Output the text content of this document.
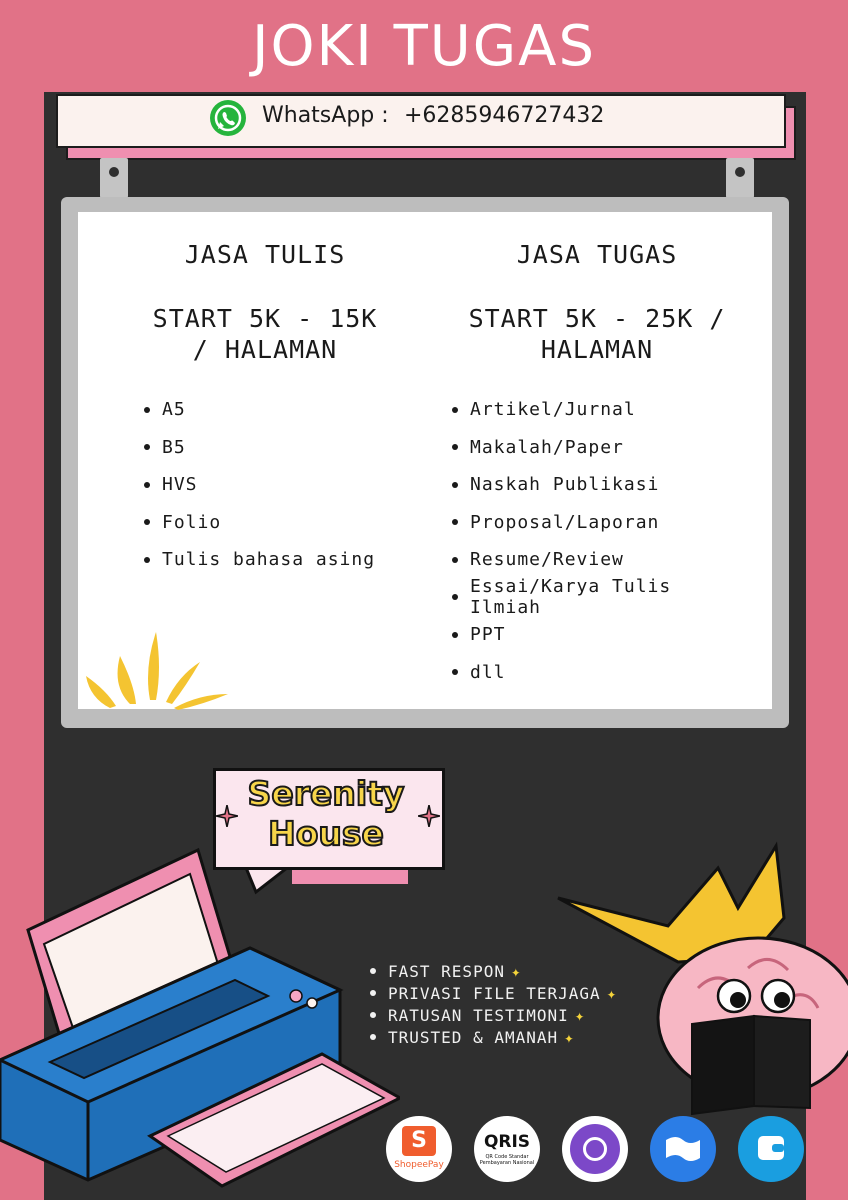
JOKI TUGAS
WhatsApp : +6285946727432
JASA TULIS
START 5K - 15K
/ HALAMAN
A5
B5
HVS
Folio
Tulis bahasa asing
JASA TUGAS
START 5K - 25K /
HALAMAN
Artikel/Jurnal
Makalah/Paper
Naskah Publikasi
Proposal/Laporan
Resume/Review
Essai/Karya Tulis Ilmiah
PPT
dll
Serenity
House
FAST RESPON ✦
PRIVASI FILE TERJAGA ✦
RATUSAN TESTIMONI ✦
TRUSTED & AMANAH ✦
S
ShopeePay
QRIS
QR Code Standar
Pembayaran Nasional
